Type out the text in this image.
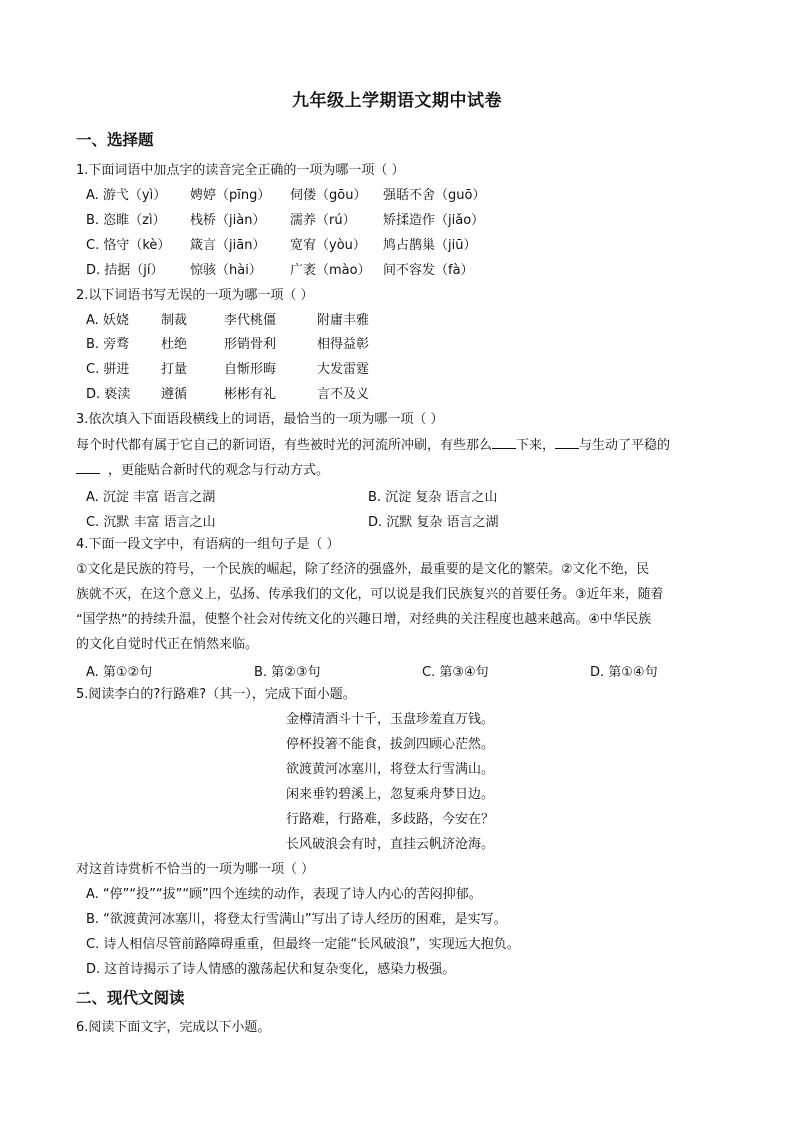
九年级上学期语文期中试卷
一、选择题
1.下面词语中加点字的读音完全正确的一项为哪一项（ ）
A. 游弋（yì） 娉婷（pīng） 伺偻（gōu） 强聒不舍（guō）
B. 恣睢（zì） 栈桥（jiàn） 濡养（rú） 矫揉造作（jiǎo）
C. 恪守（kè） 箴言（jiān） 宽宥（yòu） 鸠占鹊巢（jiū）
D. 拮据（jí） 惊骇（hài） 广袤（mào） 间不容发（fà）
2.以下词语书写无误的一项为哪一项（ ）
A. 妖娆 制裁	李代桃僵	附庸丰雅
B. 旁骛 杜绝	形销骨利	相得益彰
C. 骈进 打量	自惭形晦	大发雷霆
D. 亵渎 遵循	彬彬有礼	言不及义
3.依次填入下面语段横线上的词语，最恰当的一项为哪一项（ ）
每个时代都有属于它自己的新词语，有些被时光的河流所冲刷，有些那么 下来， 与生动了平稳的
，更能贴合新时代的观念与行动方式。
A. 沉淀 丰富 语言之湖	B. 沉淀 复杂 语言之山
C. 沉默 丰富 语言之山	D. 沉默 复杂 语言之湖
4.下面一段文字中，有语病的一组句子是（ ）
①文化是民族的符号，一个民族的崛起，除了经济的强盛外，最重要的是文化的繁荣。②文化不绝，民
族就不灭，在这个意义上，弘扬、传承我们的文化，可以说是我们民族复兴的首要任务。③近年来，随着
“国学热”的持续升温，使整个社会对传统文化的兴趣日增，对经典的关注程度也越来越高。④中华民族
的文化自觉时代正在悄然来临。
A. 第①②句	B. 第②③句	C. 第③④句	D. 第①④句
5.阅读李白的?行路难?（其一），完成下面小题。
金樽清酒斗十千，玉盘珍羞直万钱。
停杯投箸不能食，拔剑四顾心茫然。
欲渡黄河冰塞川，将登太行雪满山。
闲来垂钓碧溪上，忽复乘舟梦日边。
行路难，行路难，多歧路，今安在？
长风破浪会有时，直挂云帆济沧海。
对这首诗赏析不恰当的一项为哪一项（ ）
A. “停”“投”“拔”“顾”四个连续的动作，表现了诗人内心的苦闷抑郁。
B. “欲渡黄河冰塞川，将登太行雪满山”写出了诗人经历的困难，是实写。
C. 诗人相信尽管前路障碍重重，但最终一定能“长风破浪”，实现远大抱负。
D. 这首诗揭示了诗人情感的激荡起伏和复杂变化，感染力极强。
二、现代文阅读
6.阅读下面文字，完成以下小题。
